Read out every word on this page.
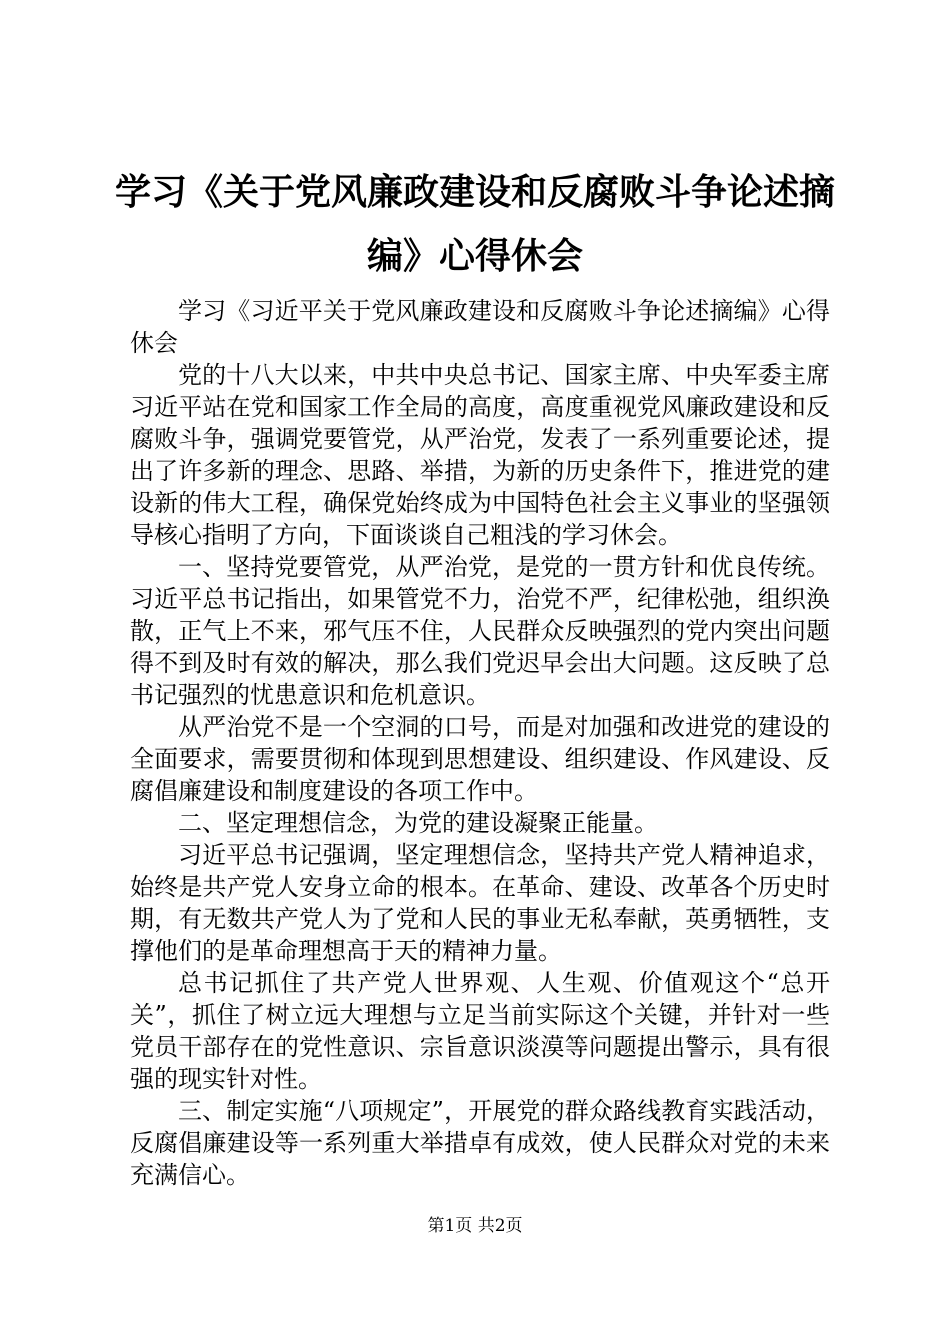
学习《关于党风廉政建设和反腐败斗争论述摘编》心得休会

学习《习近平关于党风廉政建设和反腐败斗争论述摘编》心得休会

党的十八大以来，中共中央总书记、国家主席、中央军委主席习近平站在党和国家工作全局的高度，高度重视党风廉政建设和反腐败斗争，强调党要管党，从严治党，发表了一系列重要论述，提出了许多新的理念、思路、举措，为新的历史条件下，推进党的建设新的伟大工程，确保党始终成为中国特色社会主义事业的坚强领导核心指明了方向，下面谈谈自己粗浅的学习休会。

一、坚持党要管党，从严治党，是党的一贯方针和优良传统。习近平总书记指出，如果管党不力，治党不严，纪律松弛，组织涣散，正气上不来，邪气压不住，人民群众反映强烈的党内突出问题得不到及时有效的解决，那么我们党迟早会出大问题。这反映了总书记强烈的忧患意识和危机意识。

从严治党不是一个空洞的口号，而是对加强和改进党的建设的全面要求，需要贯彻和体现到思想建设、组织建设、作风建设、反腐倡廉建设和制度建设的各项工作中。

二、坚定理想信念，为党的建设凝聚正能量。

习近平总书记强调，坚定理想信念，坚持共产党人精神追求，始终是共产党人安身立命的根本。在革命、建设、改革各个历史时期，有无数共产党人为了党和人民的事业无私奉献，英勇牺牲，支撑他们的是革命理想高于天的精神力量。

总书记抓住了共产党人世界观、人生观、价值观这个“总开关”，抓住了树立远大理想与立足当前实际这个关键，并针对一些党员干部存在的党性意识、宗旨意识淡漠等问题提出警示，具有很强的现实针对性。

三、制定实施“八项规定”，开展党的群众路线教育实践活动，反腐倡廉建设等一系列重大举措卓有成效，使人民群众对党的未来充满信心。

第1页 共2页
